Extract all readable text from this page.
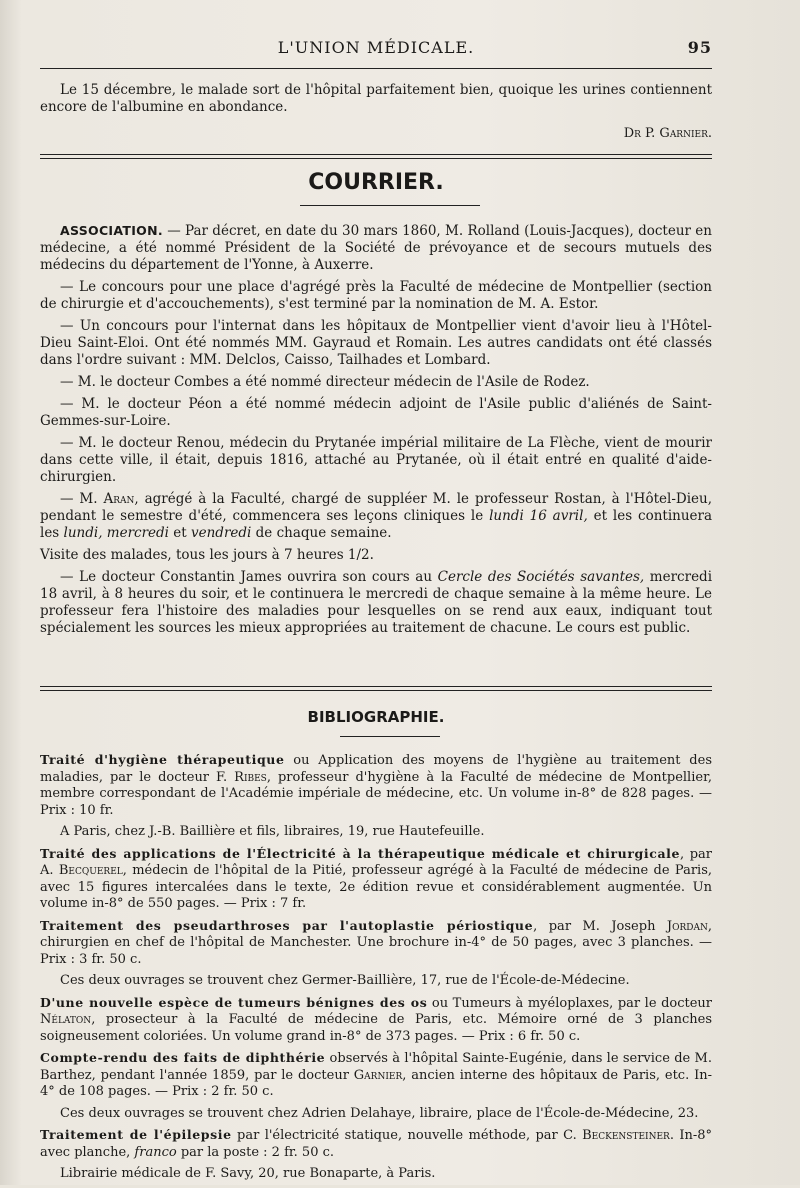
L'UNION MÉDICALE.	95

Le 15 décembre, le malade sort de l'hôpital parfaitement bien, quoique les urines contiennent encore de l'albumine en abondance.

Dr P. Garnier.
COURRIER.

ASSOCIATION. — Par décret, en date du 30 mars 1860, M. Rolland (Louis-Jacques), docteur en médecine, a été nommé Président de la Société de prévoyance et de secours mutuels des médecins du département de l'Yonne, à Auxerre.

— Le concours pour une place d'agrégé près la Faculté de médecine de Montpellier (section de chirurgie et d'accouchements), s'est terminé par la nomination de M. A. Estor.

— Un concours pour l'internat dans les hôpitaux de Montpellier vient d'avoir lieu à l'Hôtel-Dieu Saint-Eloi. Ont été nommés MM. Gayraud et Romain. Les autres candidats ont été classés dans l'ordre suivant : MM. Delclos, Caisso, Tailhades et Lombard.

— M. le docteur Combes a été nommé directeur médecin de l'Asile de Rodez.

— M. le docteur Péon a été nommé médecin adjoint de l'Asile public d'aliénés de Saint-Gemmes-sur-Loire.

— M. le docteur Renou, médecin du Prytanée impérial militaire de La Flèche, vient de mourir dans cette ville, il était, depuis 1816, attaché au Prytanée, où il était entré en qualité d'aide-chirurgien.

— M. Aran, agrégé à la Faculté, chargé de suppléer M. le professeur Rostan, à l'Hôtel-Dieu, pendant le semestre d'été, commencera ses leçons cliniques le lundi 16 avril, et les continuera les lundi, mercredi et vendredi de chaque semaine.

Visite des malades, tous les jours à 7 heures 1/2.

— Le docteur Constantin James ouvrira son cours au Cercle des Sociétés savantes, mercredi 18 avril, à 8 heures du soir, et le continuera le mercredi de chaque semaine à la même heure. Le professeur fera l'histoire des maladies pour lesquelles on se rend aux eaux, indiquant tout spécialement les sources les mieux appropriées au traitement de chacune. Le cours est public.

BIBLIOGRAPHIE.

Traité d'hygiène thérapeutique ou Application des moyens de l'hygiène au traitement des maladies, par le docteur F. Ribes, professeur d'hygiène à la Faculté de médecine de Montpellier, membre correspondant de l'Académie impériale de médecine, etc. Un volume in-8° de 828 pages. — Prix : 10 fr.

A Paris, chez J.-B. Baillière et fils, libraires, 19, rue Hautefeuille.

Traité des applications de l'Électricité à la thérapeutique médicale et chirurgicale, par A. Becquerel, médecin de l'hôpital de la Pitié, professeur agrégé à la Faculté de médecine de Paris, avec 15 figures intercalées dans le texte, 2e édition revue et considérablement augmentée. Un volume in-8° de 550 pages. — Prix : 7 fr.

Traitement des pseudarthroses par l'autoplastie périostique, par M. Joseph Jordan, chirurgien en chef de l'hôpital de Manchester. Une brochure in-4° de 50 pages, avec 3 planches. — Prix : 3 fr. 50 c.

Ces deux ouvrages se trouvent chez Germer-Baillière, 17, rue de l'École-de-Médecine.

D'une nouvelle espèce de tumeurs bénignes des os ou Tumeurs à myéloplaxes, par le docteur Nélaton, prosecteur à la Faculté de médecine de Paris, etc. Mémoire orné de 3 planches soigneusement coloriées. Un volume grand in-8° de 373 pages. — Prix : 6 fr. 50 c.

Compte-rendu des faits de diphthérie observés à l'hôpital Sainte-Eugénie, dans le service de M. Barthez, pendant l'année 1859, par le docteur Garnier, ancien interne des hôpitaux de Paris, etc. In-4° de 108 pages. — Prix : 2 fr. 50 c.

Ces deux ouvrages se trouvent chez Adrien Delahaye, libraire, place de l'École-de-Médecine, 23.

Traitement de l'épilepsie par l'électricité statique, nouvelle méthode, par C. Beckensteiner. In-8° avec planche, franco par la poste : 2 fr. 50 c.

Librairie médicale de F. Savy, 20, rue Bonaparte, à Paris.
